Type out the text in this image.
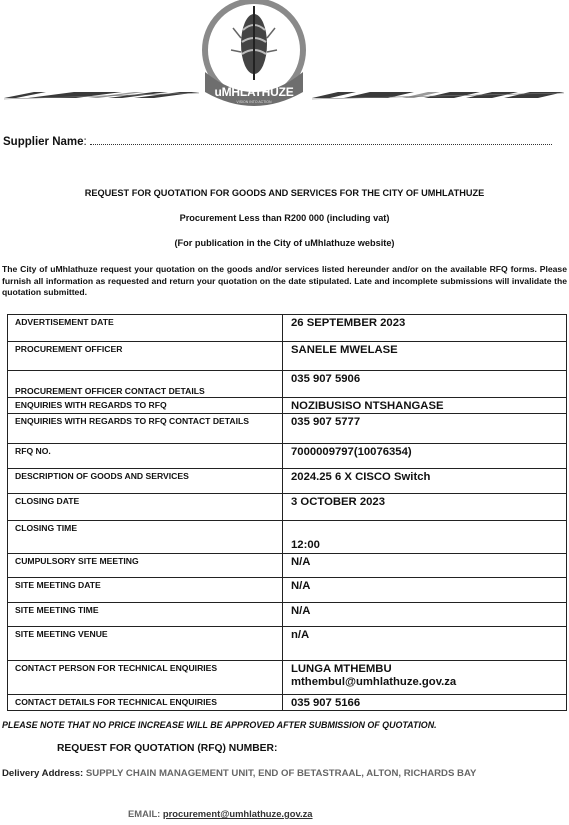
CITY OF
uMHLATHUZE
VISION INTO ACTION
Supplier Name:
REQUEST FOR QUOTATION FOR GOODS AND SERVICES FOR THE CITY OF UMHLATHUZE
Procurement Less than R200 000 (including vat)
(For publication in the City of uMhlathuze website)
The City of uMhlathuze request your quotation on the goods and/or services listed hereunder and/or on the available RFQ forms. Please furnish all information as requested and return your quotation on the date stipulated. Late and incomplete submissions will invalidate the quotation submitted.
ADVERTISEMENT DATE	26 SEPTEMBER 2023
PROCUREMENT OFFICER	SANELE MWELASE
PROCUREMENT OFFICER CONTACT DETAILS	035 907 5906
ENQUIRIES WITH REGARDS TO RFQ	NOZIBUSISO NTSHANGASE
ENQUIRIES WITH REGARDS TO RFQ CONTACT DETAILS	035 907 5777
RFQ NO.	7000009797(10076354)
DESCRIPTION OF GOODS AND SERVICES	2024.25 6 X CISCO Switch
CLOSING DATE	3 OCTOBER 2023
CLOSING TIME	12:00
CUMPULSORY SITE MEETING	N/A
SITE MEETING DATE	N/A
SITE MEETING TIME	N/A
SITE MEETING VENUE	n/A
CONTACT PERSON FOR TECHNICAL ENQUIRIES	LUNGA MTHEMBU
mthembul@umhlathuze.gov.za

CONTACT DETAILS FOR TECHNICAL ENQUIRIES	035 907 5166
PLEASE NOTE THAT NO PRICE INCREASE WILL BE APPROVED AFTER SUBMISSION OF QUOTATION.
REQUEST FOR QUOTATION (RFQ) NUMBER:
Delivery Address: SUPPLY CHAIN MANAGEMENT UNIT, END OF BETASTRAAL, ALTON, RICHARDS BAY
EMAIL: procurement@umhlathuze.gov.za
